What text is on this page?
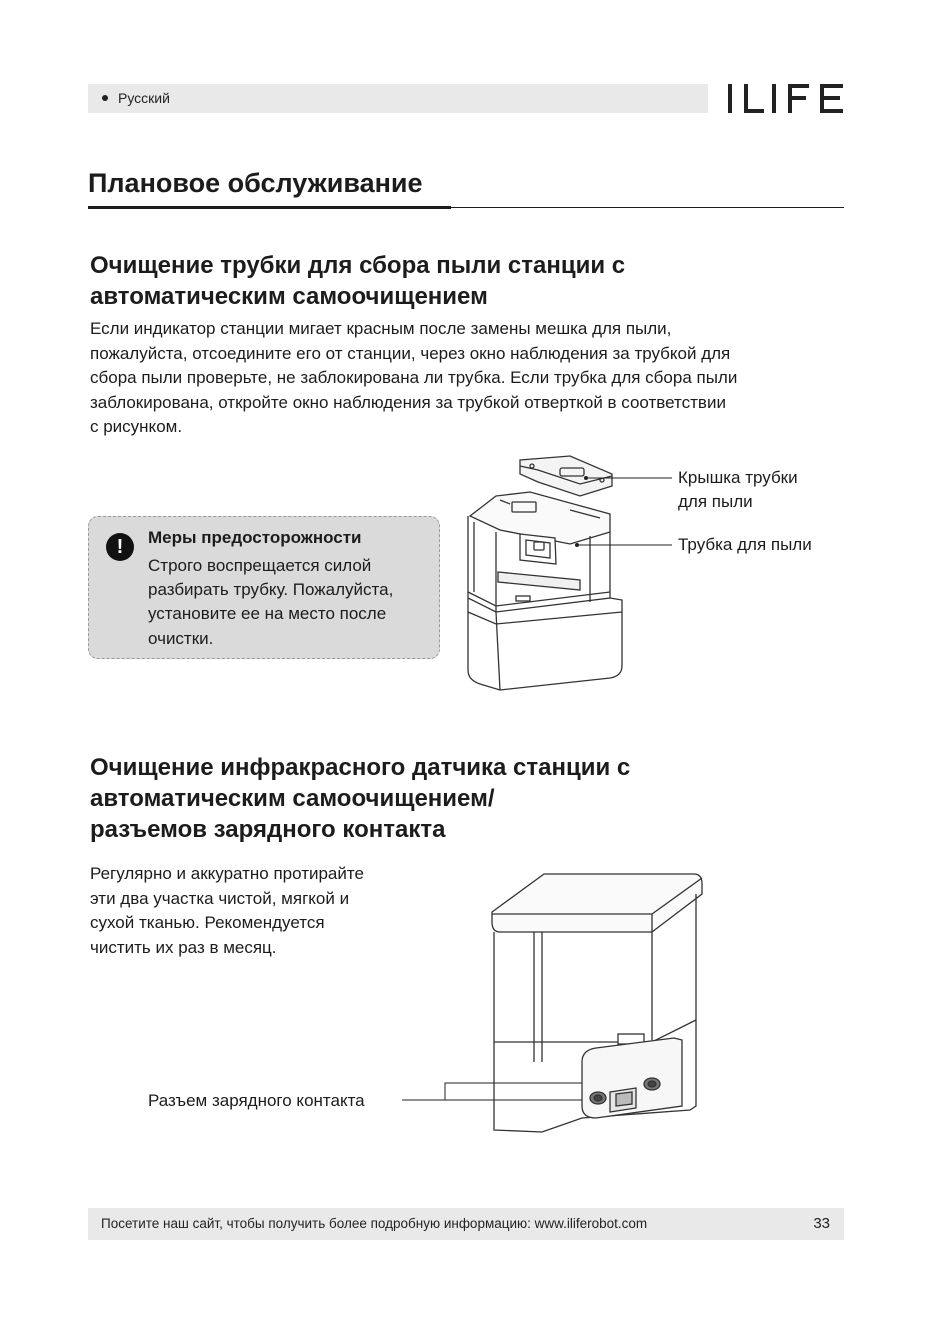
Русский
Плановое обслуживание
Очищение трубки для сбора пыли станции с
автоматическим самоочищением
Если индикатор станции мигает красным после замены мешка для пыли,
пожалуйста, отсоедините его от станции, через окно наблюдения за трубкой для
сбора пыли проверьте, не заблокирована ли трубка. Если трубка для сбора пыли
заблокирована, откройте окно наблюдения за трубкой отверткой в соответствии
с рисунком.
!	Меры предосторожности
Строго воспрещается силой
разбирать трубку. Пожалуйста,
установите ее на место после
очистки.
Крышка трубки
для пыли
Трубка для пыли
Очищение инфракрасного датчика станции с
автоматическим самоочищением/
разъемов зарядного контакта
Регулярно и аккуратно протирайте
эти два участка чистой, мягкой и
сухой тканью. Рекомендуется
чистить их раз в месяц.
Разъем зарядного контакта
Посетите наш сайт, чтобы получить более подробную информацию: www.iliferobot.com	33
